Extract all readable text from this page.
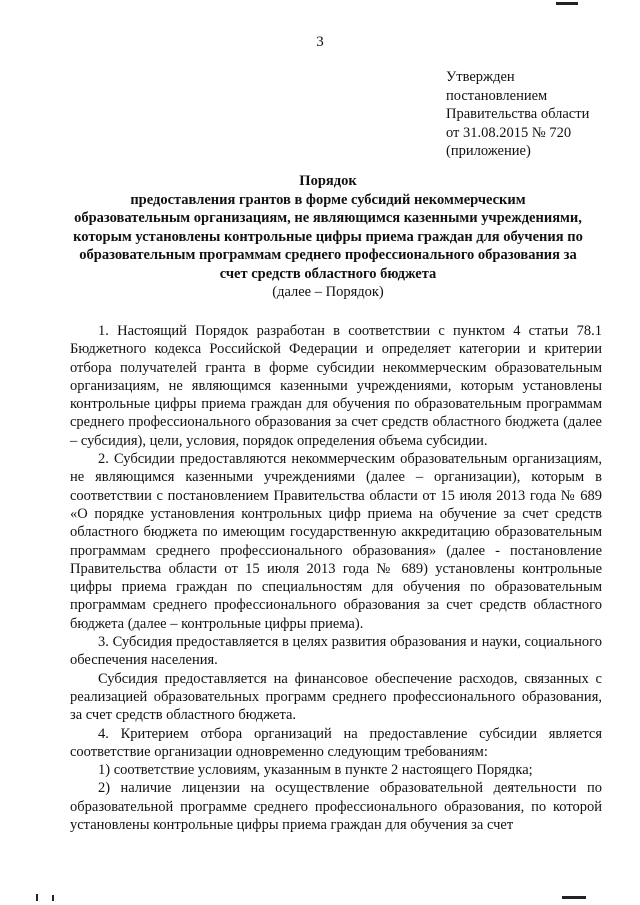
3
Утвержден
постановлением
Правительства области
от 31.08.2015 № 720
(приложение)
Порядок
предоставления грантов в форме субсидий некоммерческим
образовательным организациям, не являющимся казенными учреждениями,
которым установлены контрольные цифры приема граждан для обучения по
образовательным программам среднего профессионального образования за
счет средств областного бюджета
(далее – Порядок)

1. Настоящий Порядок разработан в соответствии с пунктом 4 статьи 78.1 Бюджетного кодекса Российской Федерации и определяет категории и критерии отбора получателей гранта в форме субсидии некоммерческим образовательным организациям, не являющимся казенными учреждениями, которым установлены контрольные цифры приема граждан для обучения по образовательным программам среднего профессионального образования за счет средств областного бюджета (далее – субсидия), цели, условия, порядок определения объема субсидии.

2. Субсидии предоставляются некоммерческим образовательным организациям, не являющимся казенными учреждениями (далее – организации), которым в соответствии с постановлением Правительства области от 15 июля 2013 года № 689 «О порядке установления контрольных цифр приема на обучение за счет средств областного бюджета по имеющим государственную аккредитацию образовательным программам среднего профессионального образования» (далее - постановление Правительства области от 15 июля 2013 года № 689) установлены контрольные цифры приема граждан по специальностям для обучения по образовательным программам среднего профессионального образования за счет средств областного бюджета (далее – контрольные цифры приема).

3. Субсидия предоставляется в целях развития образования и науки, социального обеспечения населения.

Субсидия предоставляется на финансовое обеспечение расходов, связанных с реализацией образовательных программ среднего профессионального образования, за счет средств областного бюджета.

4. Критерием отбора организаций на предоставление субсидии является соответствие организации одновременно следующим требованиям:

1) соответствие условиям, указанным в пункте 2 настоящего Порядка;

2) наличие лицензии на осуществление образовательной деятельности по образовательной программе среднего профессионального образования, по которой установлены контрольные цифры приема граждан для обучения за счет
